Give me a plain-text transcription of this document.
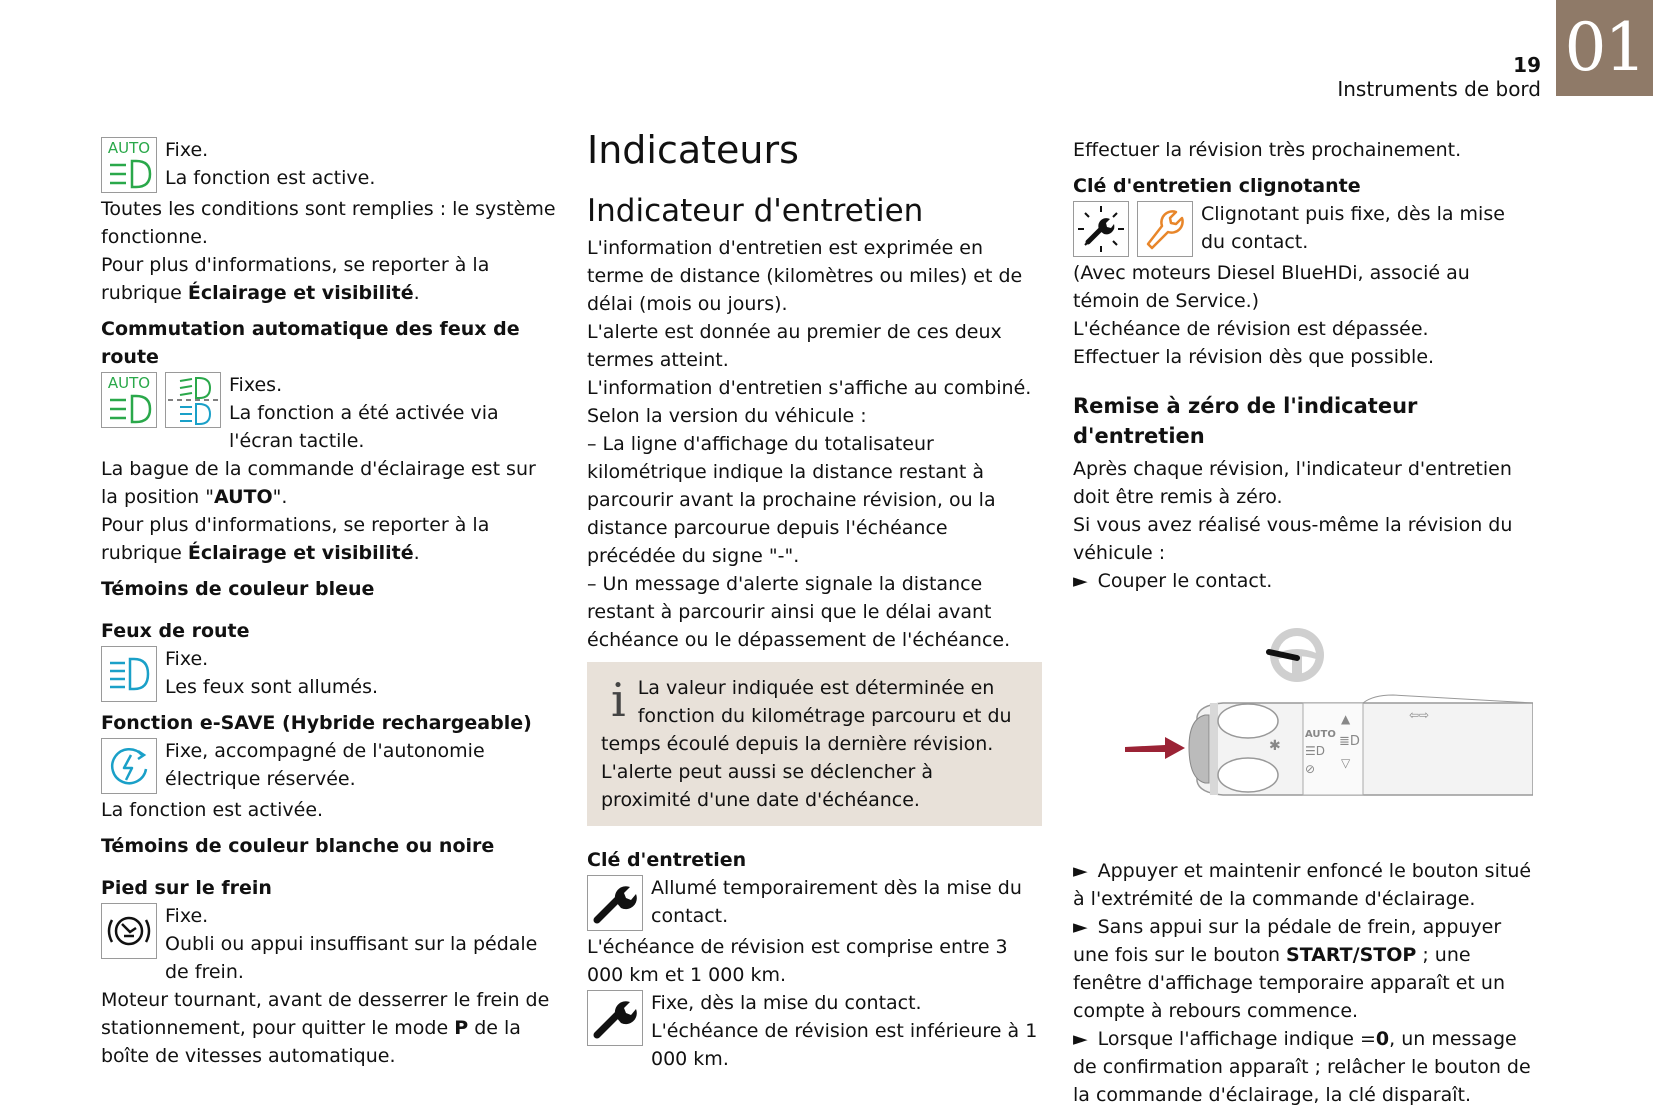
19
Instruments de bord
01
AUTO Fixe.

La fonction est active.

Toutes les conditions sont remplies : le système fonctionne.

Pour plus d'informations, se reporter à la rubrique Éclairage et visibilité.

Commutation automatique des feux de route

AUTO	Fixes.

La fonction a été activée via l'écran tactile.

La bague de la commande d'éclairage est sur la position "AUTO".

Pour plus d'informations, se reporter à la rubrique Éclairage et visibilité.

Témoins de couleur bleue

Feux de route

Fixe.

Les feux sont allumés.

Fonction e-SAVE (Hybride rechargeable)

Fixe, accompagné de l'autonomie électrique réservée.

La fonction est activée.

Témoins de couleur blanche ou noire

Pied sur le frein

Fixe.

Oubli ou appui insuffisant sur la pédale de frein.

Moteur tournant, avant de desserrer le frein de stationnement, pour quitter le mode P de la boîte de vitesses automatique.

Indicateurs
Indicateur d'entretien

L'information d'entretien est exprimée en terme de distance (kilomètres ou miles) et de délai (mois ou jours).

L'alerte est donnée au premier de ces deux termes atteint.

L'information d'entretien s'affiche au combiné.

Selon la version du véhicule :

– La ligne d'affichage du totalisateur kilométrique indique la distance restant à parcourir avant la prochaine révision, ou la distance parcourue depuis l'échéance précédée du signe "-".

– Un message d'alerte signale la distance restant à parcourir ainsi que le délai avant échéance ou le dépassement de l'échéance.

i La valeur indiquée est déterminée en fonction du kilométrage parcouru et du temps écoulé depuis la dernière révision.

L'alerte peut aussi se déclencher à proximité d'une date d'échéance.

Clé d'entretien

Allumé temporairement dès la mise du contact.

L'échéance de révision est comprise entre 3 000 km et 1 000 km.

Fixe, dès la mise du contact.

L'échéance de révision est inférieure à 1 000 km.

Effectuer la révision très prochainement.

Clé d'entretien clignotante

Clignotant puis fixe, dès la mise du contact.

(Avec moteurs Diesel BlueHDi, associé au témoin de Service.)

L'échéance de révision est dépassée.

Effectuer la révision dès que possible.

Remise à zéro de l'indicateur d'entretien

Après chaque révision, l'indicateur d'entretien doit être remis à zéro.

Si vous avez réalisé vous-même la révision du véhicule :

► Couper le contact.

✱
AUTO
☰D
⊘
▲
≣D
▽
⇦⇨

► Appuyer et maintenir enfoncé le bouton situé à l'extrémité de la commande d'éclairage.

► Sans appui sur la pédale de frein, appuyer une fois sur le bouton START/STOP ; une fenêtre d'affichage temporaire apparaît et un compte à rebours commence.

► Lorsque l'affichage indique =0, un message de confirmation apparaît ; relâcher le bouton de la commande d'éclairage, la clé disparaît.
